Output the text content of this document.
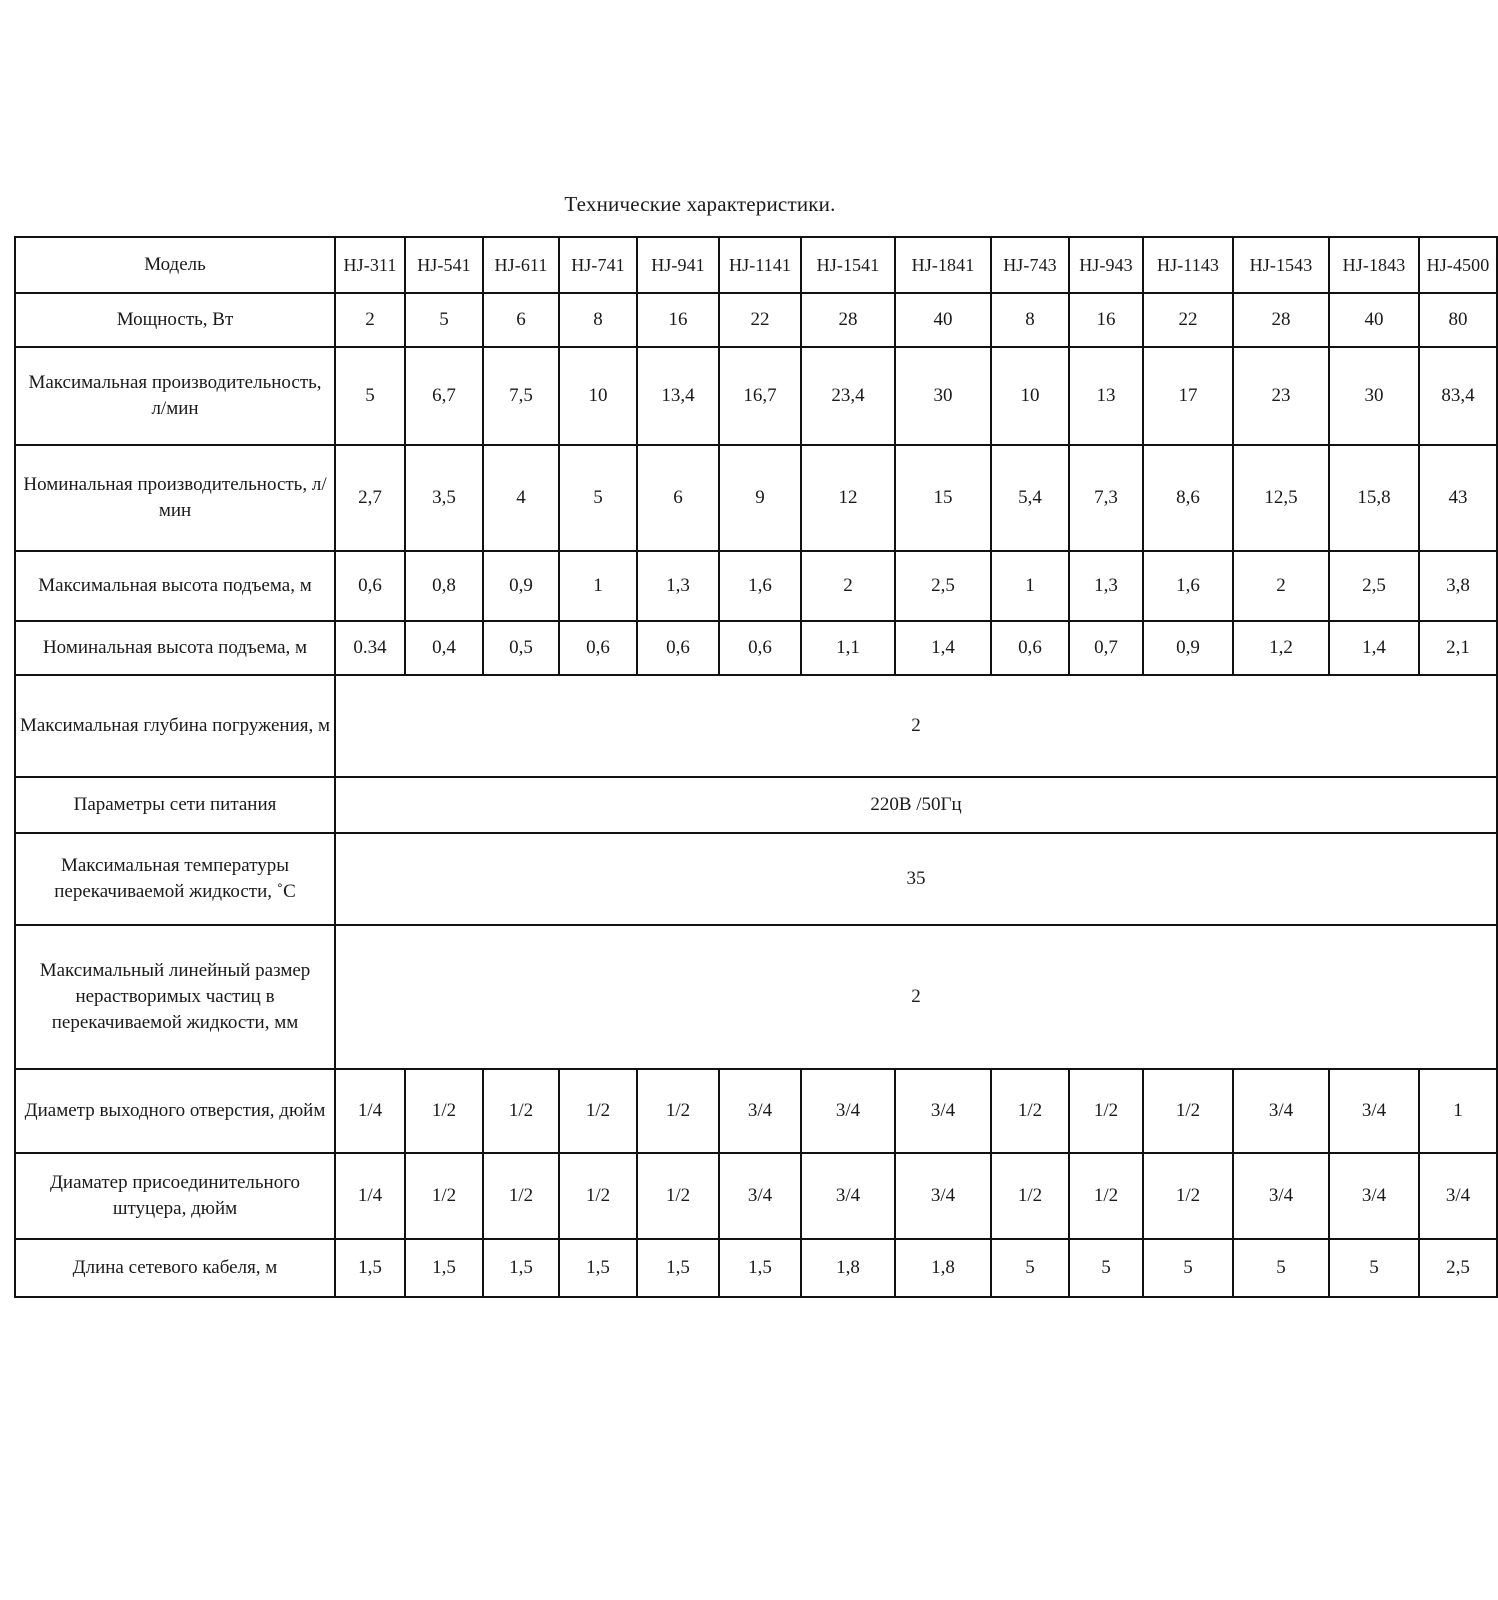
Технические характеристики.
Модель	HJ-311	HJ-541	HJ-611	HJ-741	HJ-941	HJ-1141	HJ-1541	HJ-1841	HJ-743	HJ-943	HJ-1143	HJ-1543	HJ-1843	HJ-4500
Мощность, Вт	2	5	6	8	16	22	28	40	8	16	22	28	40	80
Максимальная производительность, л/мин	5	6,7	7,5	10	13,4	16,7	23,4	30	10	13	17	23	30	83,4
Номинальная производительность, л/мин	2,7	3,5	4	5	6	9	12	15	5,4	7,3	8,6	12,5	15,8	43
Максимальная высота подъема, м	0,6	0,8	0,9	1	1,3	1,6	2	2,5	1	1,3	1,6	2	2,5	3,8
Номинальная высота подъема, м	0.34	0,4	0,5	0,6	0,6	0,6	1,1	1,4	0,6	0,7	0,9	1,2	1,4	2,1
Максимальная глубина погружения, м	2													
Параметры сети питания	220В /50Гц													
Максимальная температуры перекачиваемой жидкости, ˚С	35													
Максимальный линейный размер нерастворимых частиц в перекачиваемой жидкости, мм	2													
Диаметр выходного отверстия, дюйм	1/4	1/2	1/2	1/2	1/2	3/4	3/4	3/4	1/2	1/2	1/2	3/4	3/4	1
Диаматер присоединительного штуцера, дюйм	1/4	1/2	1/2	1/2	1/2	3/4	3/4	3/4	1/2	1/2	1/2	3/4	3/4	3/4
Длина сетевого кабеля, м	1,5	1,5	1,5	1,5	1,5	1,5	1,8	1,8	5	5	5	5	5	2,5
